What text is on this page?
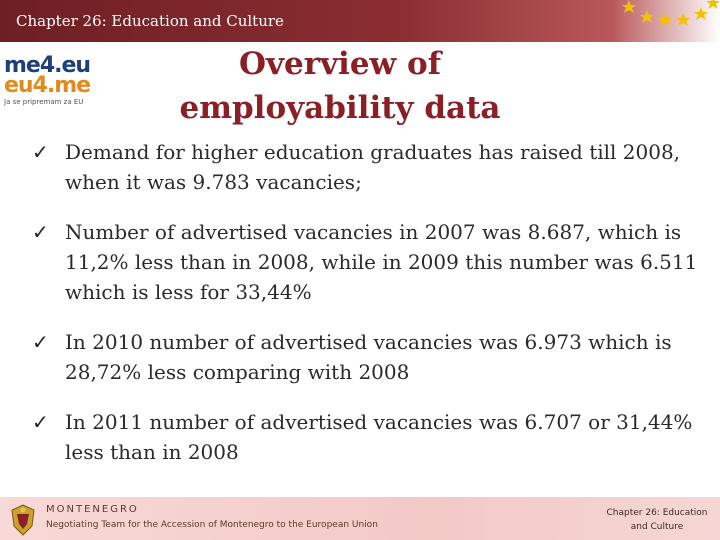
Chapter 26: Education and Culture
me4.eu
eu4.me
Ja se pripremam za EU
Overview of employability data
✓ Demand for higher education graduates has raised till 2008, when it was 9.783 vacancies;
✓ Number of advertised vacancies in 2007 was 8.687, which is 11,2% less than in 2008, while in 2009 this number was 6.511 which is less for 33,44%
✓ In 2010 number of advertised vacancies was 6.973 which is 28,72% less comparing with 2008
✓ In 2011 number of advertised vacancies was 6.707 or 31,44% less than in 2008
MONTENEGRO
Negotiating Team for the Accession of Montenegro to the European Union
Chapter 26: Education and Culture
